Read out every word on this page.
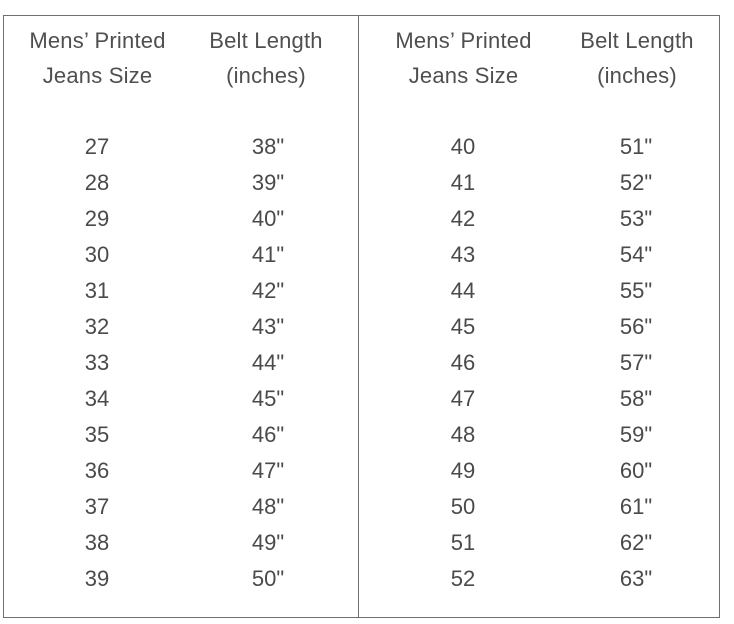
Mens’ Printed
Jeans Size
Belt Length
(inches)
27
28
29
30
31
32
33
34
35
36
37
38
39
38"
39"
40"
41"
42"
43"
44"
45"
46"
47"
48"
49"
50"
Mens’ Printed
Jeans Size
Belt Length
(inches)
40
41
42
43
44
45
46
47
48
49
50
51
52
51"
52"
53"
54"
55"
56"
57"
58"
59"
60"
61"
62"
63"
